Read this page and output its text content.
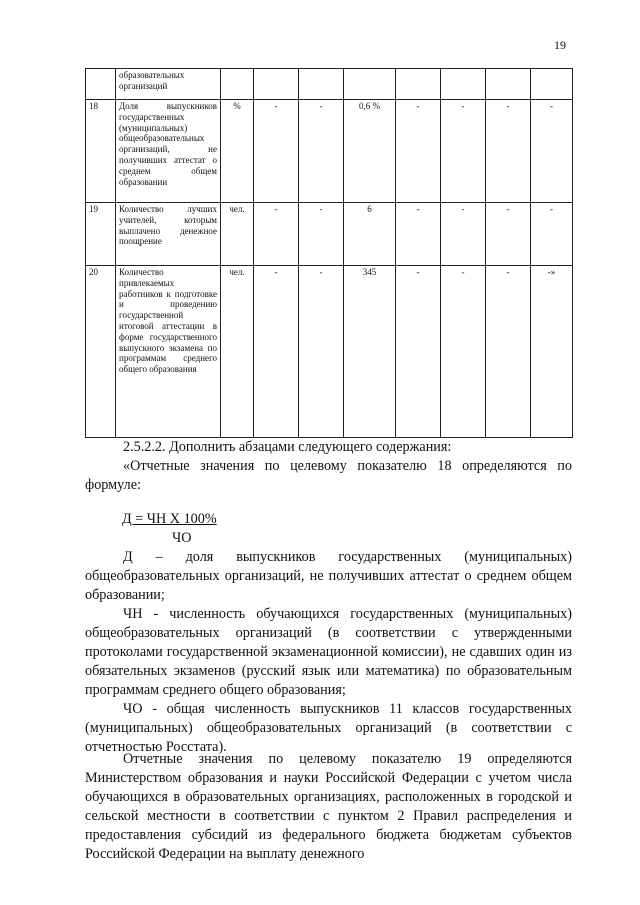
19
	образовательных организаций								
18	Доля выпускников государственных (муниципальных) общеобразовательных организаций, не получивших аттестат о среднем общем образовании	%	-	-	0,6 %	-	-	-	-
19	Количество лучших учителей, которым выплачено денежное поощрение	чел.	-	-	6	-	-	-	-
20	Количество привлекаемых работников к подготовке и проведению государственной итоговой аттестации в форме государственного выпускного экзамена по программам среднего общего образования	чел.	-	-	345	-	-	-	-»

2.5.2.2. Дополнить абзацами следующего содержания:

«Отчетные значения по целевому показателю 18 определяются по формуле:

Д = ЧН Х 100%
ЧО

Д – доля выпускников государственных (муниципальных) общеобразовательных организаций, не получивших аттестат о среднем общем образовании;

ЧН - численность обучающихся государственных (муниципальных) общеобразовательных организаций (в соответствии с утвержденными протоколами государственной экзаменационной комиссии), не сдавших один из обязательных экзаменов (русский язык или математика) по образовательным программам среднего общего образования;

ЧО - общая численность выпускников 11 классов государственных (муниципальных) общеобразовательных организаций (в соответствии с отчетностью Росстата).

Отчетные значения по целевому показателю 19 определяются Министерством образования и науки Российской Федерации с учетом числа обучающихся в образовательных организациях, расположенных в городской и сельской местности в соответствии с пунктом 2 Правил распределения и предоставления субсидий из федерального бюджета бюджетам субъектов Российской Федерации на выплату денежного
